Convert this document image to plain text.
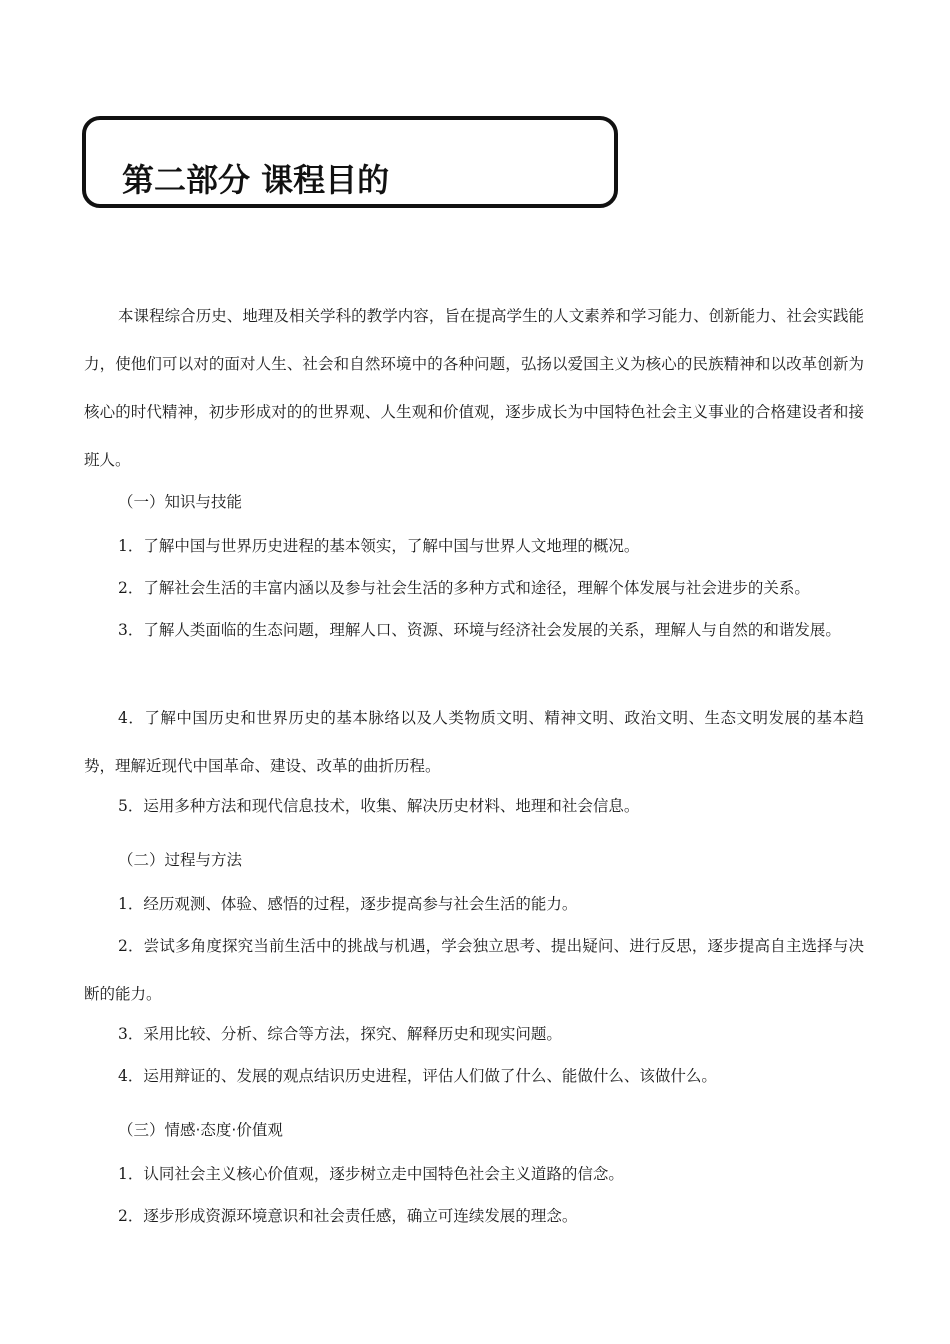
第二部分 课程目的
本课程综合历史、地理及相关学科的教学内容，旨在提高学生的人文素养和学习能力、创新能力、社会实践能力，使他们可以对的面对人生、社会和自然环境中的各种问题，弘扬以爱国主义为核心的民族精神和以改革创新为核心的时代精神，初步形成对的的世界观、人生观和价值观，逐步成长为中国特色社会主义事业的合格建设者和接班人。
（一）知识与技能
1．了解中国与世界历史进程的基本领实，了解中国与世界人文地理的概况。
2．了解社会生活的丰富内涵以及参与社会生活的多种方式和途径，理解个体发展与社会进步的关系。
3．了解人类面临的生态问题，理解人口、资源、环境与经济社会发展的关系，理解人与自然的和谐发展。
4．了解中国历史和世界历史的基本脉络以及人类物质文明、精神文明、政治文明、生态文明发展的基本趋势，理解近现代中国革命、建设、改革的曲折历程。
5．运用多种方法和现代信息技术，收集、解决历史材料、地理和社会信息。
（二）过程与方法
1．经历观测、体验、感悟的过程，逐步提高参与社会生活的能力。
2．尝试多角度探究当前生活中的挑战与机遇，学会独立思考、提出疑问、进行反思，逐步提高自主选择与决断的能力。
3．采用比较、分析、综合等方法，探究、解释历史和现实问题。
4．运用辩证的、发展的观点结识历史进程，评估人们做了什么、能做什么、该做什么。
（三）情感·态度·价值观
1．认同社会主义核心价值观，逐步树立走中国特色社会主义道路的信念。
2．逐步形成资源环境意识和社会责任感，确立可连续发展的理念。
